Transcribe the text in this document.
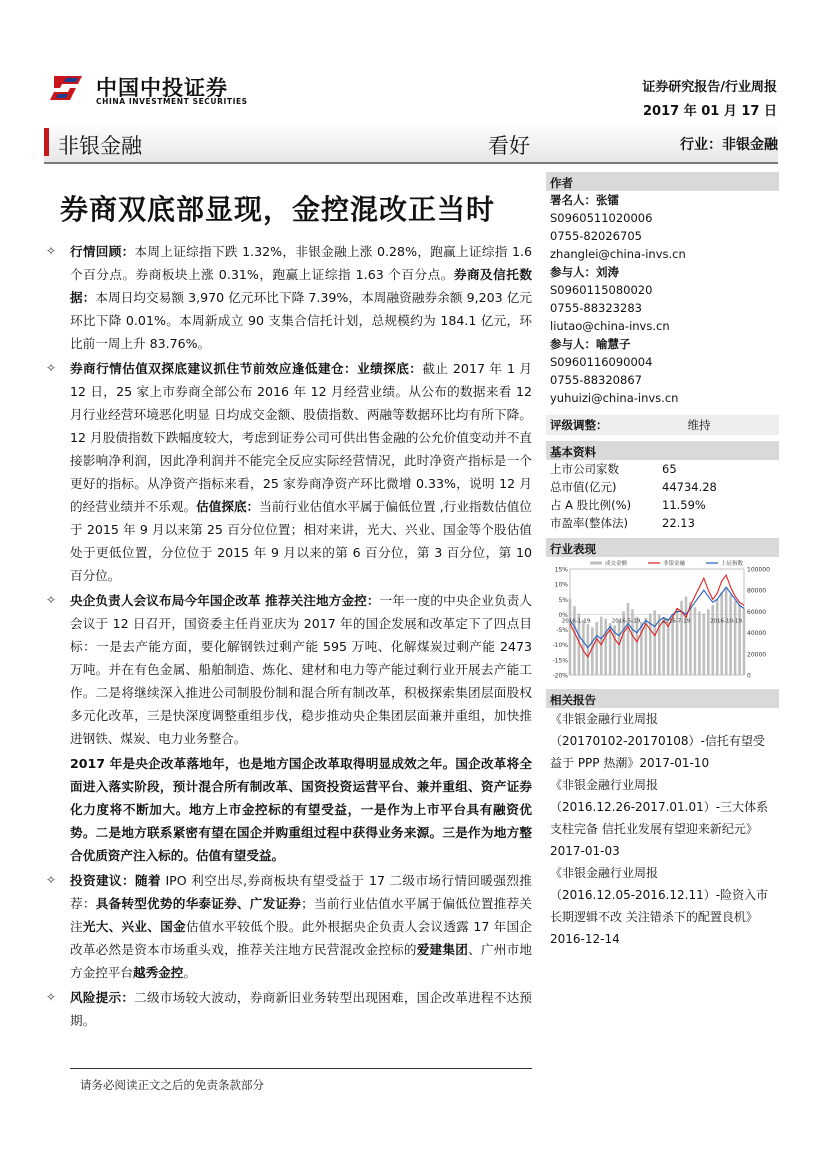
中国中投证券
CHINA INVESTMENT SECURITIES
证券研究报告/行业周报
2017 年 01 月 17 日
非银金融	看好	行业：非银金融
券商双底部显现，金控混改正当时
✧ 行情回顾：本周上证综指下跌 1.32%，非银金融上涨 0.28%，跑赢上证综指 1.6 个百分点。券商板块上涨 0.31%，跑赢上证综指 1.63 个百分点。券商及信托数据：本周日均交易额 3,970 亿元环比下降 7.39%，本周融资融券余额 9,203 亿元环比下降 0.01%。本周新成立 90 支集合信托计划，总规模约为 184.1 亿元，环比前一周上升 83.76%。
✧ 券商行情估值双探底建议抓住节前效应逢低建仓：业绩探底：截止 2017 年 1 月 12 日，25 家上市券商全部公布 2016 年 12 月经营业绩。从公布的数据来看 12 月行业经营环境恶化明显 日均成交金额、股债指数、两融等数据环比均有所下降。12 月股债指数下跌幅度较大，考虑到证券公司可供出售金融的公允价值变动并不直接影响净利润，因此净利润并不能完全反应实际经营情况，此时净资产指标是一个更好的指标。从净资产指标来看，25 家券商净资产环比微增 0.33%，说明 12 月的经营业绩并不乐观。估值探底：当前行业估值水平属于偏低位置 ,行业指数估值位于 2015 年 9 月以来第 25 百分位位置；相对来讲，光大、兴业、国金等个股估值处于更低位置，分位位于 2015 年 9 月以来的第 6 百分位，第 3 百分位，第 10 百分位。
✧ 央企负责人会议布局今年国企改革 推荐关注地方金控：一年一度的中央企业负责人会议于 12 日召开，国资委主任肖亚庆为 2017 年的国企发展和改革定下了四点目标：一是去产能方面，要化解钢铁过剩产能 595 万吨、化解煤炭过剩产能 2473 万吨。并在有色金属、船舶制造、炼化、建材和电力等产能过剩行业开展去产能工作。二是将继续深入推进公司制股份制和混合所有制改革，积极探索集团层面股权多元化改革，三是快深度调整重组步伐，稳步推动央企集团层面兼并重组，加快推进钢铁、煤炭、电力业务整合。
2017 年是央企改革落地年，也是地方国企改革取得明显成效之年。国企改革将全面进入落实阶段，预计混合所有制改革、国资投资运营平台、兼并重组、资产证券化力度将不断加大。地方上市金控标的有望受益，一是作为上市平台具有融资优势。二是地方联系紧密有望在国企并购重组过程中获得业务来源。三是作为地方整合优质资产注入标的。估值有望受益。
✧ 投资建议：随着 IPO 利空出尽,券商板块有望受益于 17 二级市场行情回暖强烈推荐：具备转型优势的华泰证券、广发证券；当前行业估值水平属于偏低位置推荐关注光大、兴业、国金估值水平较低个股。此外根据央企负责人会议透露 17 年国企改革必然是资本市场重头戏，推荐关注地方民营混改金控标的爱建集团、广州市地方金控平台越秀金控。
✧ 风险提示：二级市场较大波动，券商新旧业务转型出现困难，国企改革进程不达预期。
请务必阅读正文之后的免责条款部分
作者
署名人：张镭
S0960511020006
0755-82026705
zhanglei@china-invs.cn
参与人：刘涛
S0960115080020
0755-88323283
liutao@china-invs.cn
参与人：喻慧子
S0960116090004
0755-88320867
yuhuizi@china-invs.cn
评级调整：	维持
基本资料
上市公司家数	65
总市值(亿元)	44734.28
占 A 股比例(%)	11.59%
市盈率(整体法)	22.13
行业表现
15%
10%
5%
0%
-5%
-10%
-15%
-20%
100000
80000
60000
40000
20000
0
2016-1-19	2016-5-19	2016-7-19	2016-10-19
成交金额	非银金融	上证指数
相关报告
《非银金融行业周报
（20170102-20170108）-信托有望受
益于 PPP 热潮》2017-01-10
《非银金融行业周报
（2016.12.26-2017.01.01）-三大体系
支柱完备 信托业发展有望迎来新纪元》
2017-01-03
《非银金融行业周报
（2016.12.05-2016.12.11）-险资入市
长期逻辑不改 关注错杀下的配置良机》
2016-12-14
